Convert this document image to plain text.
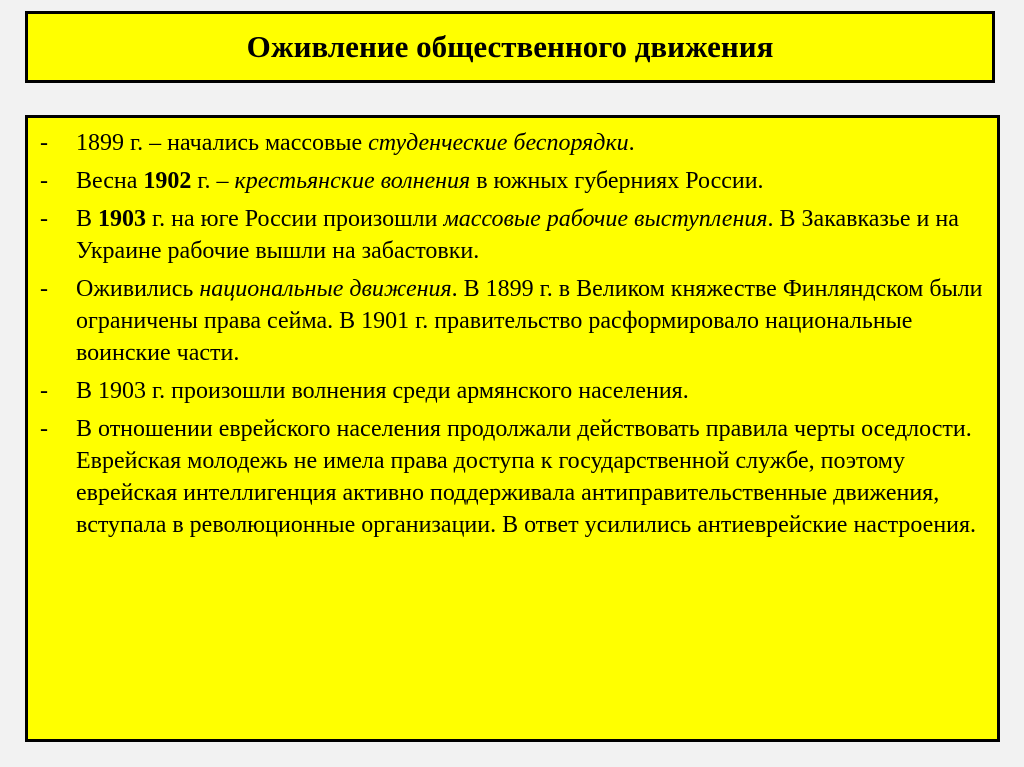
Оживление общественного движения
- 1899 г. – начались массовые студенческие беспорядки.
- Весна 1902 г. – крестьянские волнения в южных губерниях России.
- В 1903 г. на юге России произошли массовые рабочие выступления. В Закавказье и на Украине рабочие вышли на забастовки.
- Оживились национальные движения. В 1899 г. в Великом княжестве Финляндском были ограничены права сейма. В 1901 г. правительство расформировало национальные воинские части.
- В 1903 г. произошли волнения среди армянского населения.
- В отношении еврейского населения продолжали действовать правила черты оседлости. Еврейская молодежь не имела права доступа к государственной службе, поэтому еврейская интеллигенция активно поддерживала антиправительственные движения, вступала в революционные организации. В ответ усилились антиеврейские настроения.
